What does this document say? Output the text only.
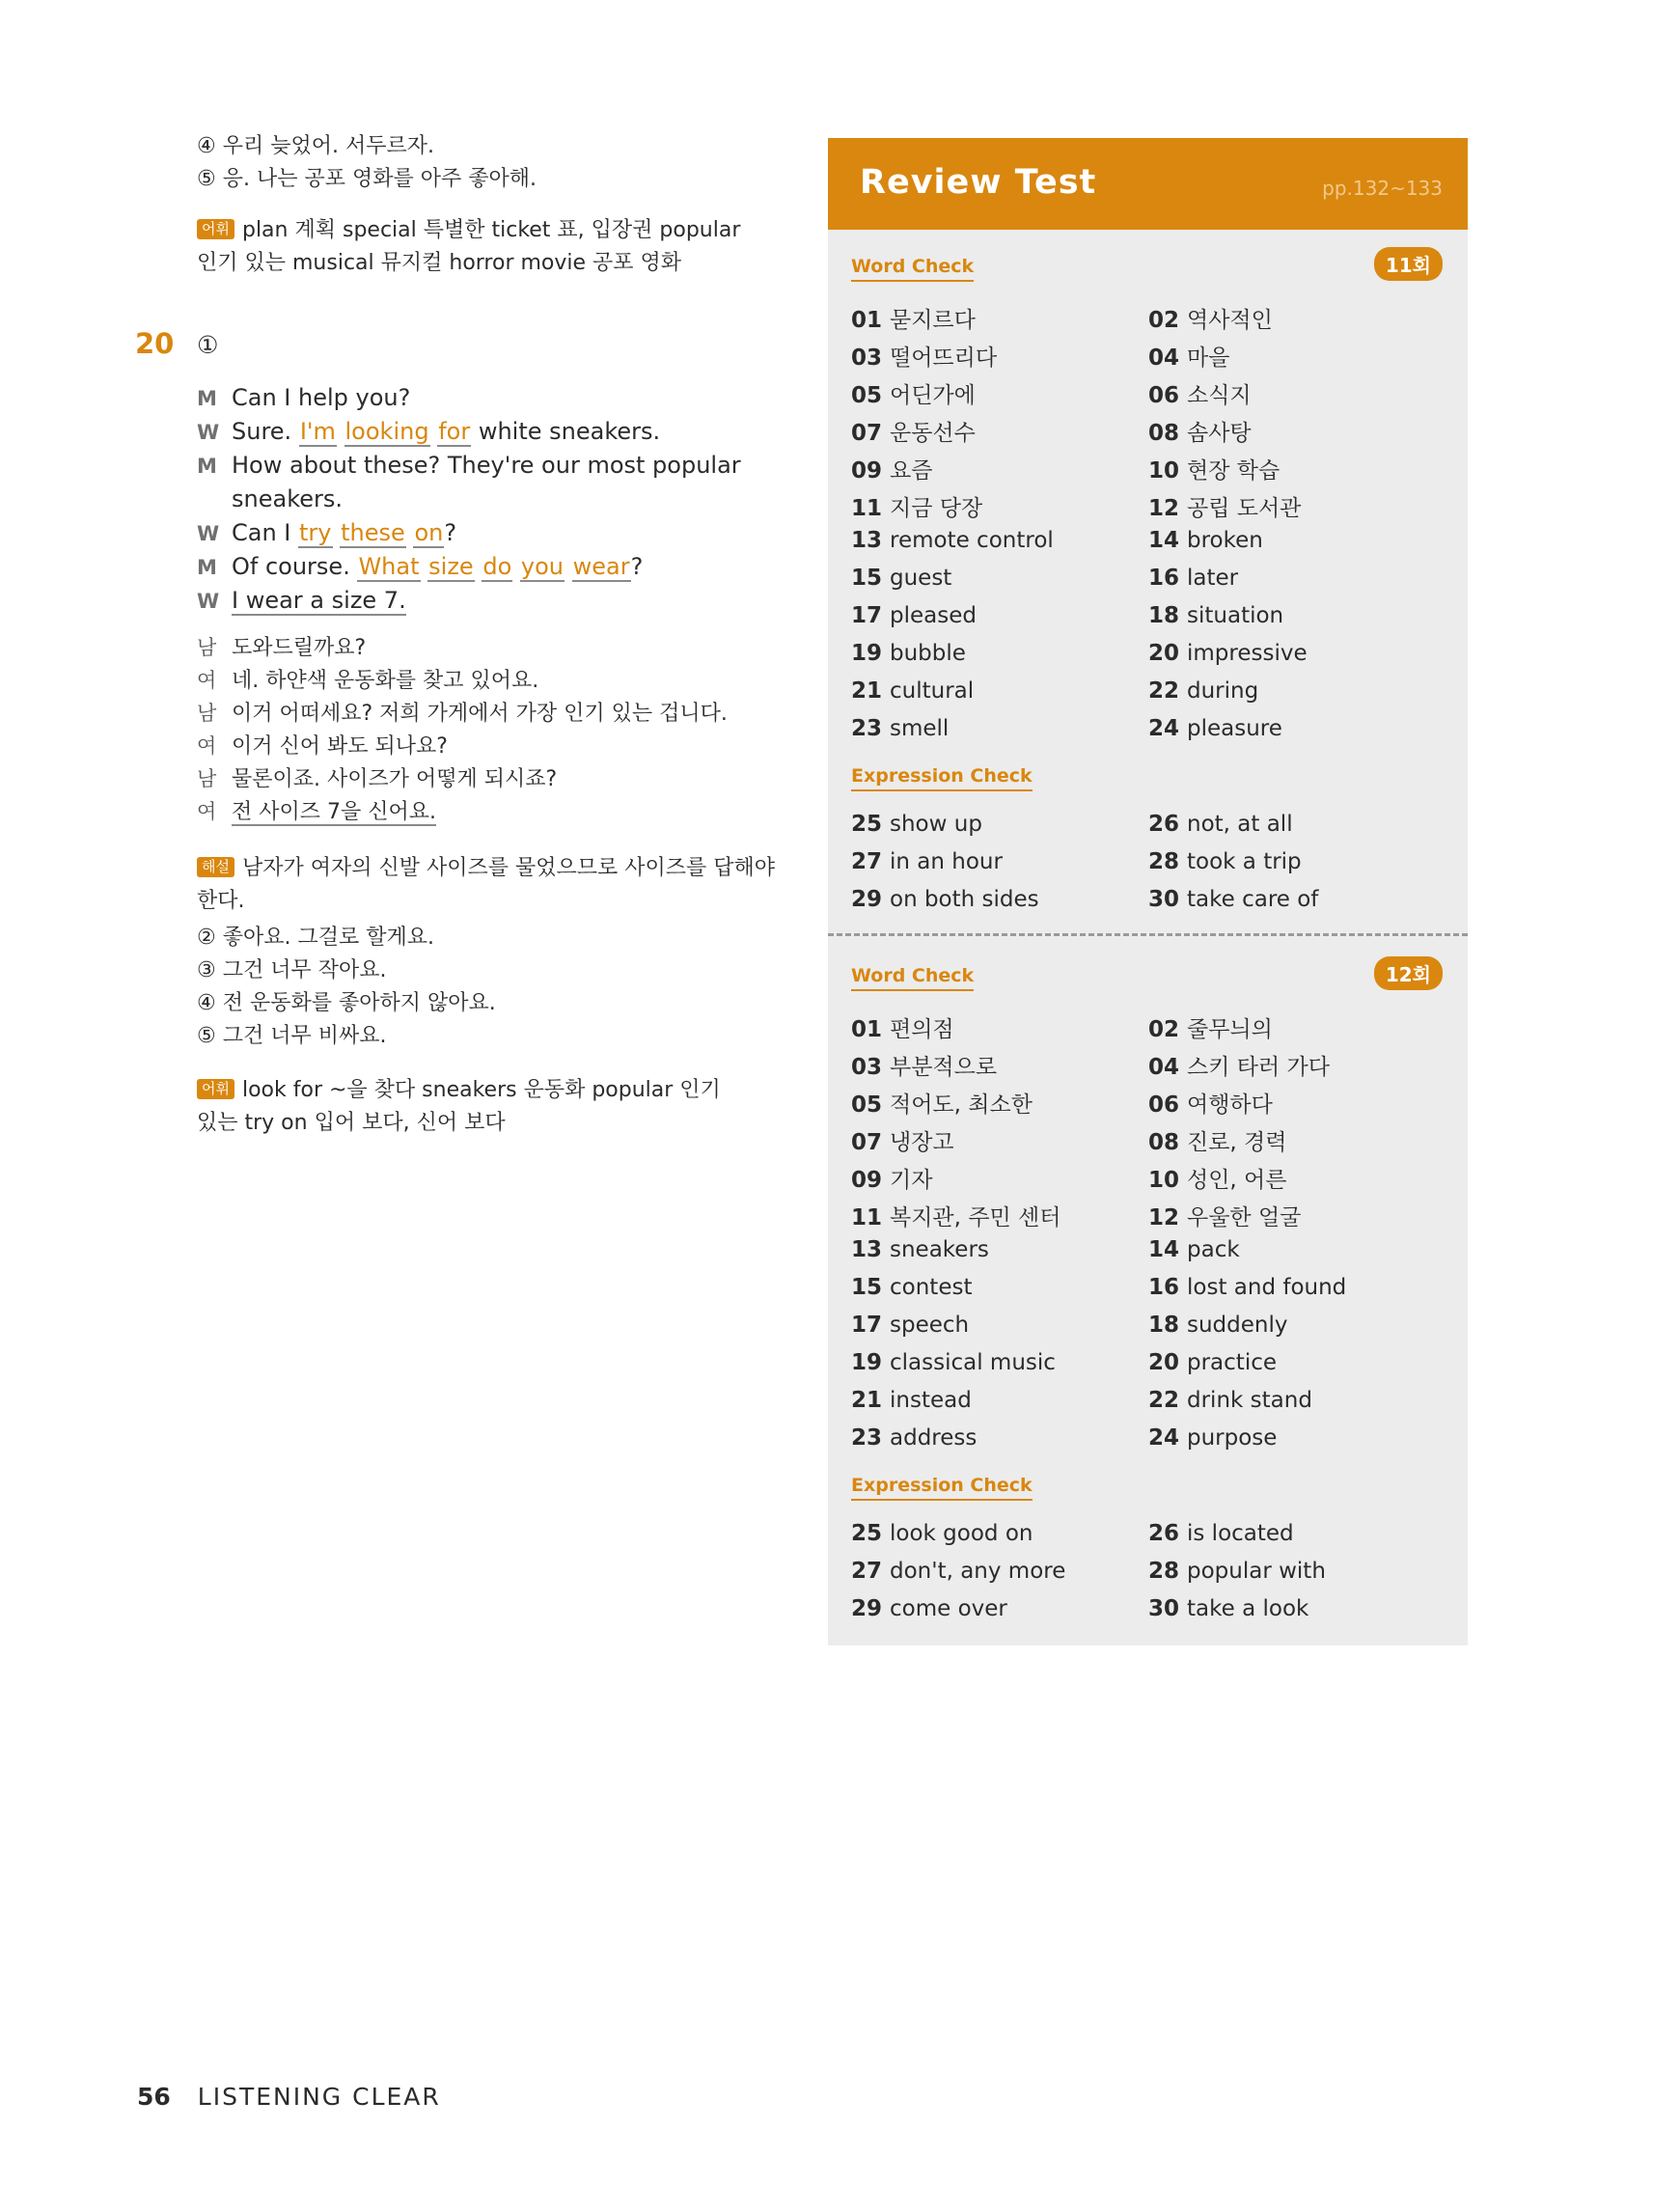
④ 우리 늦었어. 서두르자.
⑤ 응. 나는 공포 영화를 아주 좋아해.
어휘 plan 계획 special 특별한 ticket 표, 입장권 popular
인기 있는 musical 뮤지컬 horror movie 공포 영화
20 ①
M Can I help you?
W Sure. I'm looking for white sneakers.
M How about these? They're our most popular
sneakers.
W Can I try these on?
M Of course. What size do you wear?
W I wear a size 7.
남 도와드릴까요?
여 네. 하얀색 운동화를 찾고 있어요.
남 이거 어떠세요? 저희 가게에서 가장 인기 있는 겁니다.
여 이거 신어 봐도 되나요?
남 물론이죠. 사이즈가 어떻게 되시죠?
여 전 사이즈 7을 신어요.
해설 남자가 여자의 신발 사이즈를 물었으므로 사이즈를 답해야
한다.
② 좋아요. 그걸로 할게요.
③ 그건 너무 작아요.
④ 전 운동화를 좋아하지 않아요.
⑤ 그건 너무 비싸요.
어휘 look for ~을 찾다 sneakers 운동화 popular 인기
있는 try on 입어 보다, 신어 보다
Review Test	pp.132~133
Word Check	11회
01 묻지르다	02 역사적인
03 떨어뜨리다	04 마을
05 어딘가에	06 소식지
07 운동선수	08 솜사탕
09 요즘	10 현장 학습
11 지금 당장	12 공립 도서관
13 remote control	14 broken
15 guest	16 later
17 pleased	18 situation
19 bubble	20 impressive
21 cultural	22 during
23 smell	24 pleasure
Expression Check
25 show up	26 not, at all
27 in an hour	28 took a trip
29 on both sides	30 take care of
Word Check	12회
01 편의점	02 줄무늬의
03 부분적으로	04 스키 타러 가다
05 적어도, 최소한	06 여행하다
07 냉장고	08 진로, 경력
09 기자	10 성인, 어른
11 복지관, 주민 센터	12 우울한 얼굴
13 sneakers	14 pack
15 contest	16 lost and found
17 speech	18 suddenly
19 classical music	20 practice
21 instead	22 drink stand
23 address	24 purpose
Expression Check
25 look good on	26 is located
27 don't, any more	28 popular with
29 come over	30 take a look
56 LISTENING CLEAR
